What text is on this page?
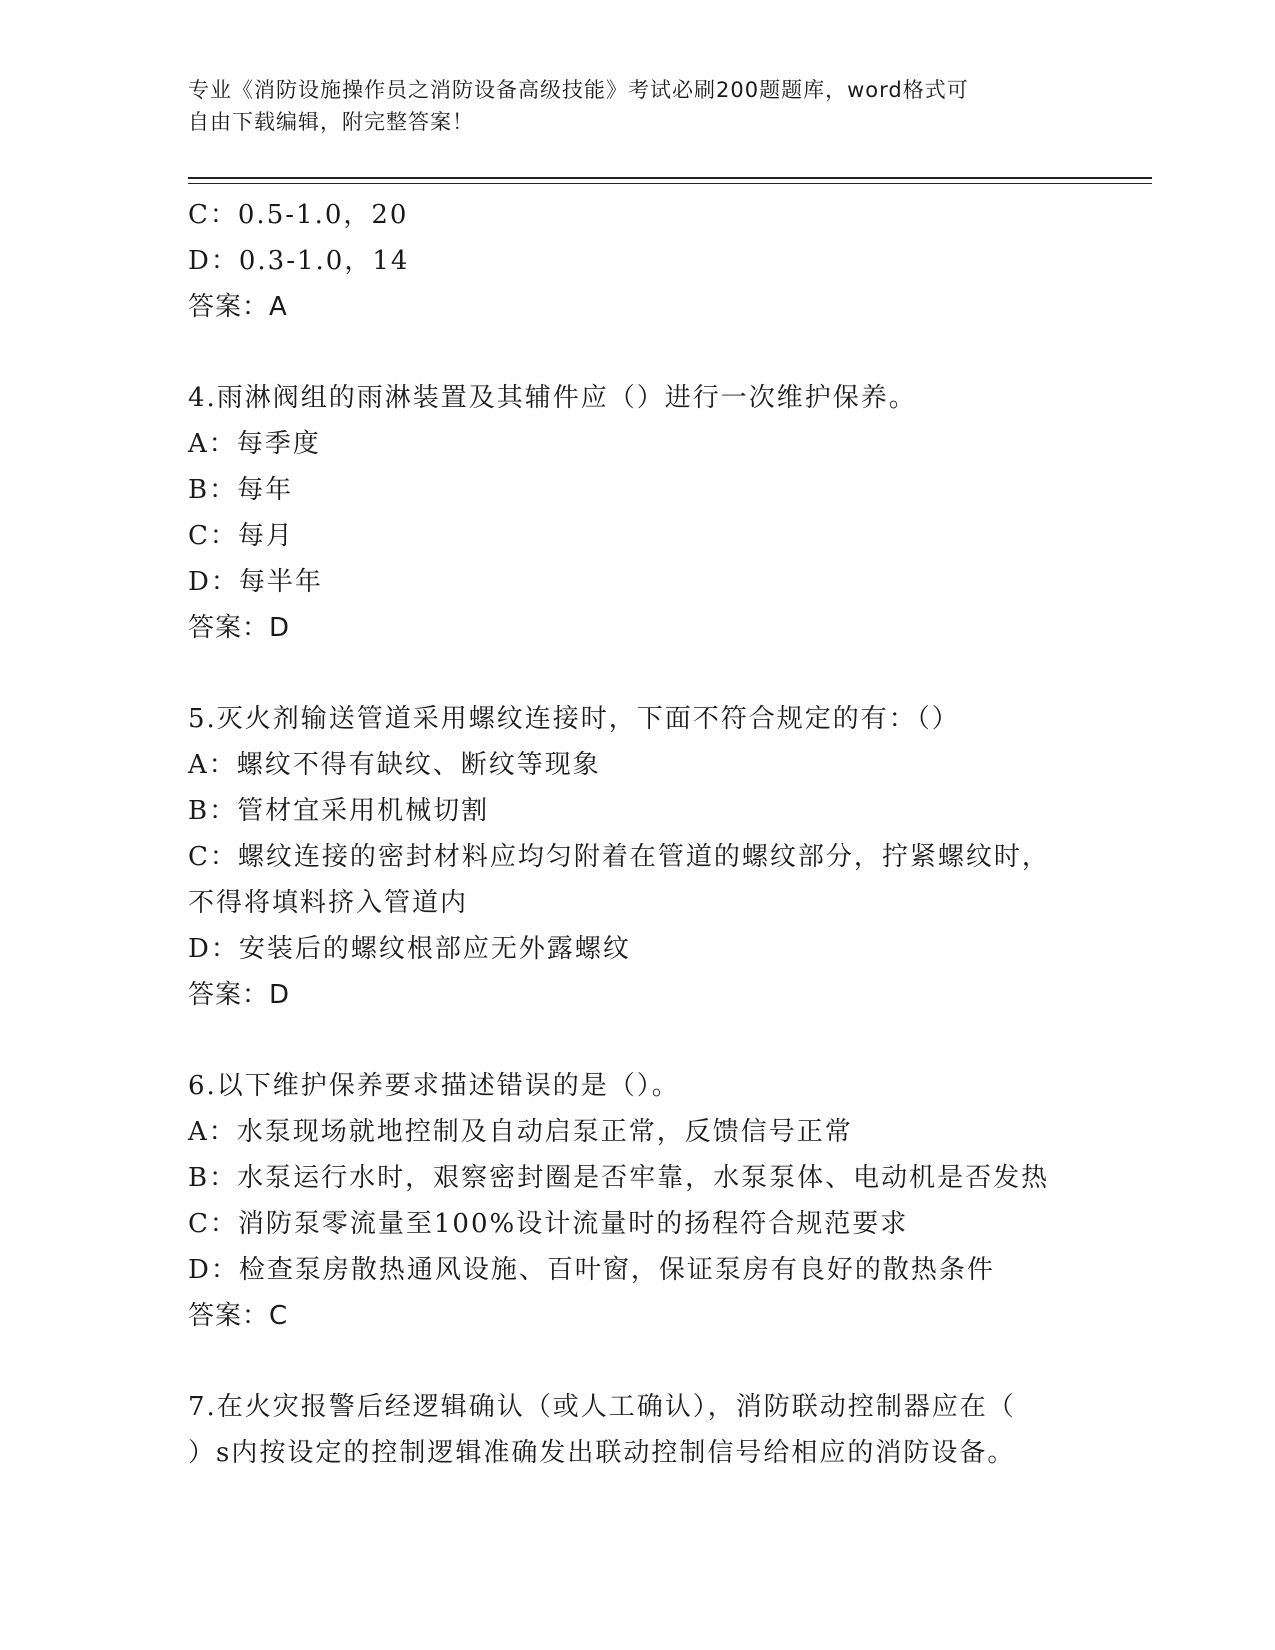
专业《消防设施操作员之消防设备高级技能》考试必刷200题题库，word格式可
自由下载编辑，附完整答案！
C：0.5-1.0，20
D：0.3-1.0，14
答案：A
4.雨淋阀组的雨淋装置及其辅件应（）进行一次维护保养。
A：每季度
B：每年
C：每月
D：每半年
答案：D
5.灭火剂输送管道采用螺纹连接时，下面不符合规定的有：（）
A：螺纹不得有缺纹、断纹等现象
B：管材宜采用机械切割
C：螺纹连接的密封材料应均匀附着在管道的螺纹部分，拧紧螺纹时，
不得将填料挤入管道内
D：安装后的螺纹根部应无外露螺纹
答案：D
6.以下维护保养要求描述错误的是（）。
A：水泵现场就地控制及自动启泵正常，反馈信号正常
B：水泵运行水时，艰察密封圈是否牢靠，水泵泵体、电动机是否发热
C：消防泵零流量至100%设计流量时的扬程符合规范要求
D：检查泵房散热通风设施、百叶窗，保证泵房有良好的散热条件
答案：C
7.在火灾报警后经逻辑确认（或人工确认），消防联动控制器应在（
）s内按设定的控制逻辑准确发出联动控制信号给相应的消防设备。
